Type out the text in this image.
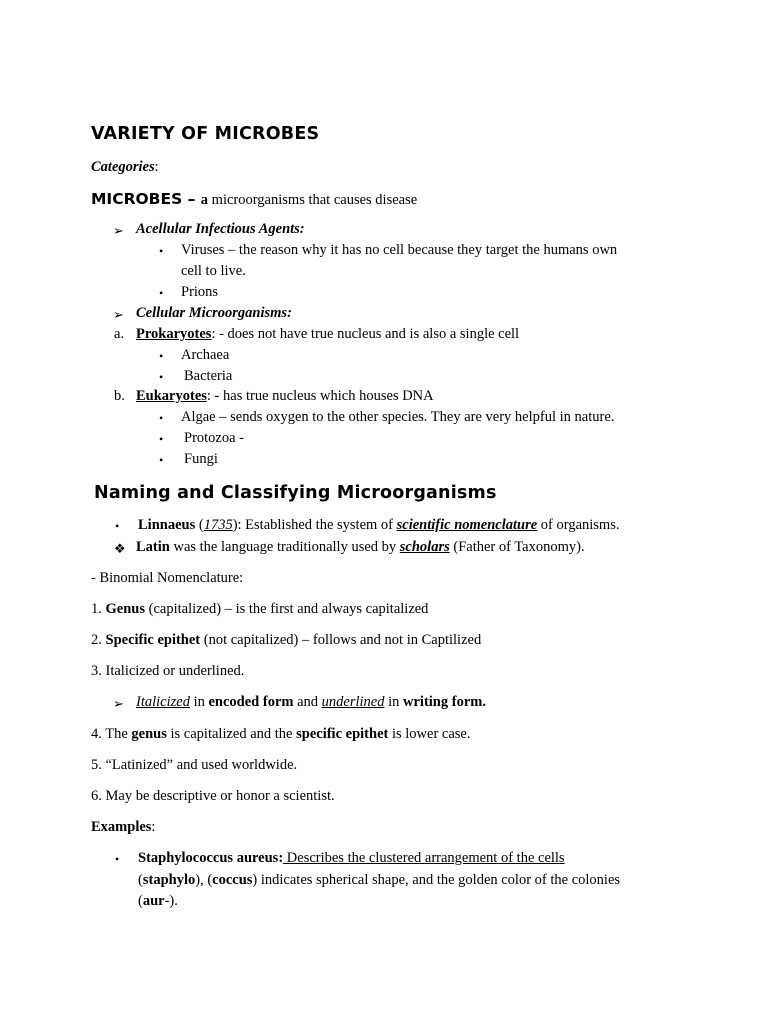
VARIETY OF MICROBES
Categories:
MICROBES – a microorganisms that causes disease
➢ Acellular Infectious Agents:
• Viruses – the reason why it has no cell because they target the humans own
cell to live.
• Prions
➢ Cellular Microorganisms:
a. Prokaryotes: - does not have true nucleus and is also a single cell
• Archaea
• Bacteria
b. Eukaryotes: - has true nucleus which houses DNA
• Algae – sends oxygen to the other species. They are very helpful in nature.
• Protozoa -
• Fungi
Naming and Classifying Microorganisms
• Linnaeus (1735): Established the system of scientific nomenclature of organisms.
❖ Latin was the language traditionally used by scholars (Father of Taxonomy).
- Binomial Nomenclature:
1. Genus (capitalized) – is the first and always capitalized
2. Specific epithet (not capitalized) – follows and not in Captilized
3. Italicized or underlined.
➢ Italicized in encoded form and underlined in writing form.
4. The genus is capitalized and the specific epithet is lower case.
5. “Latinized” and used worldwide.
6. May be descriptive or honor a scientist.
Examples:
• Staphylococcus aureus: Describes the clustered arrangement of the cells
(staphylo), (coccus) indicates spherical shape, and the golden color of the colonies
(aur-).
